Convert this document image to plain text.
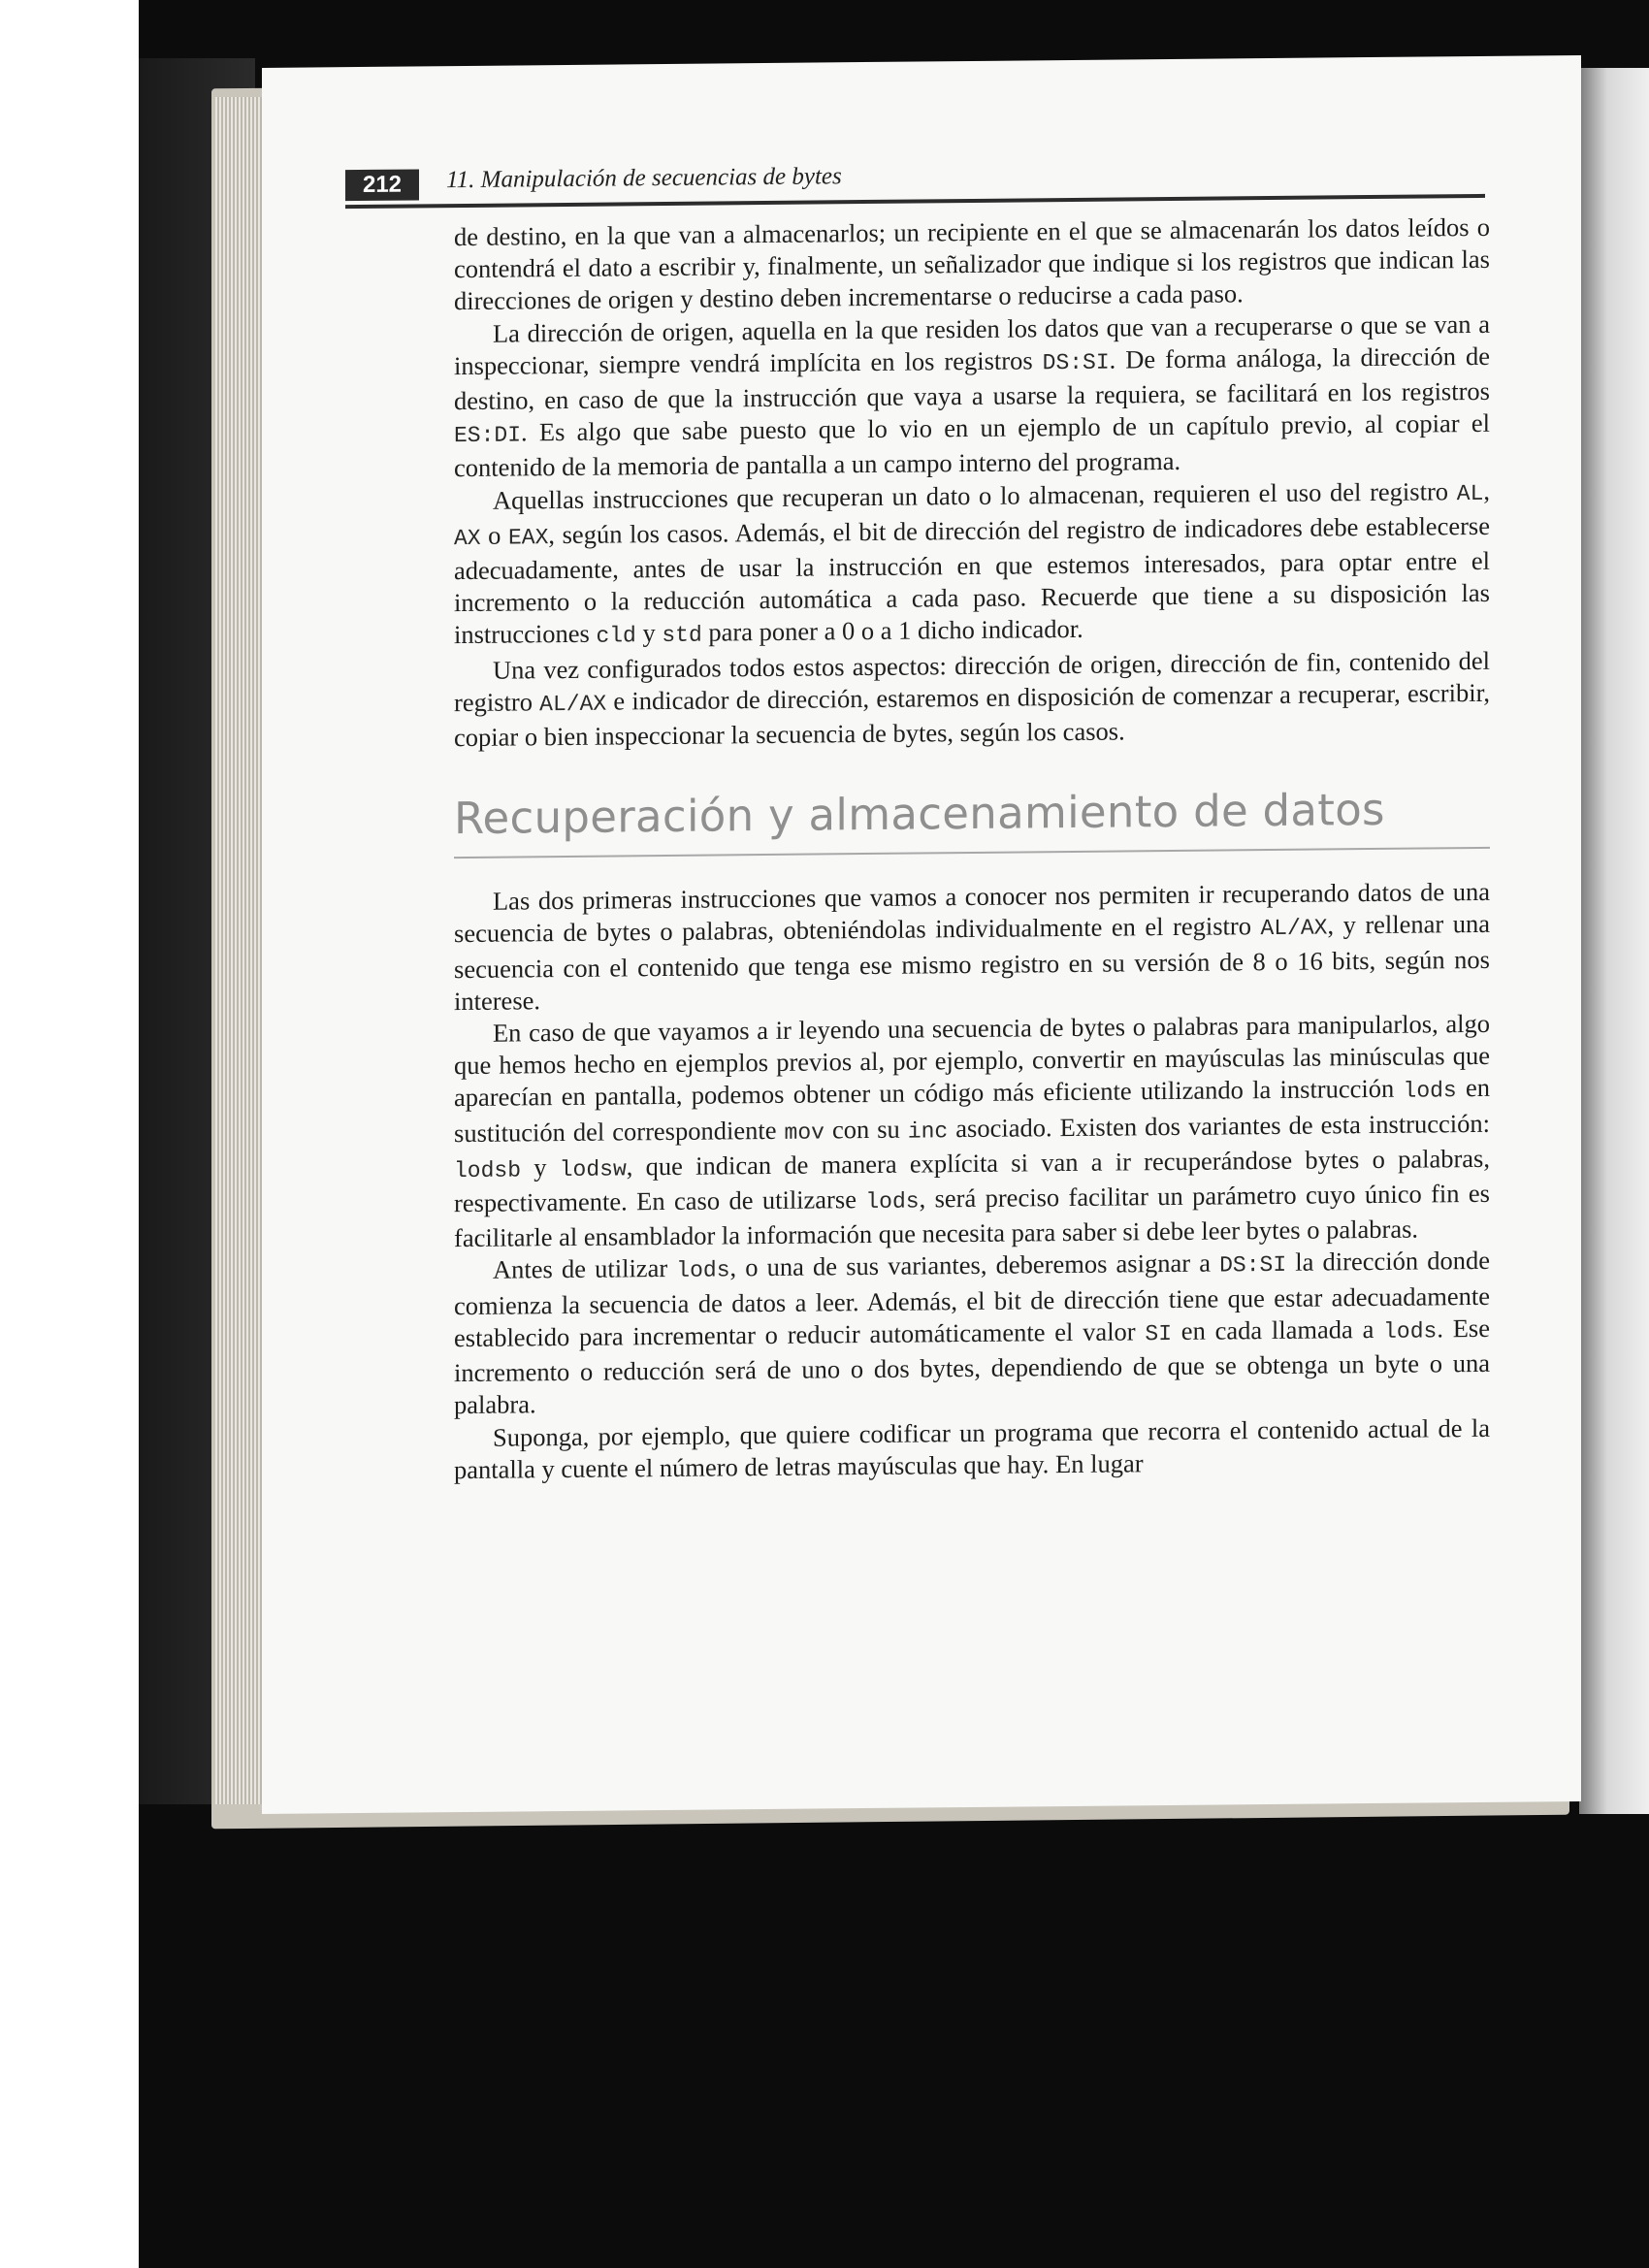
212	11. Manipulación de secuencias de bytes

de destino, en la que van a almacenarlos; un recipiente en el que se almacenarán los datos leídos o contendrá el dato a escribir y, finalmente, un señalizador que indique si los registros que indican las direcciones de origen y destino deben incrementarse o reducirse a cada paso.

La dirección de origen, aquella en la que residen los datos que van a recuperarse o que se van a inspeccionar, siempre vendrá implícita en los registros DS:SI. De forma análoga, la dirección de destino, en caso de que la instrucción que vaya a usarse la requiera, se facilitará en los registros ES:DI. Es algo que sabe puesto que lo vio en un ejemplo de un capítulo previo, al copiar el contenido de la memoria de pantalla a un campo interno del programa.

Aquellas instrucciones que recuperan un dato o lo almacenan, requieren el uso del registro AL, AX o EAX, según los casos. Además, el bit de dirección del registro de indicadores debe establecerse adecuadamente, antes de usar la instrucción en que estemos interesados, para optar entre el incremento o la reducción automática a cada paso. Recuerde que tiene a su disposición las instrucciones cld y std para poner a 0 o a 1 dicho indicador.

Una vez configurados todos estos aspectos: dirección de origen, dirección de fin, contenido del registro AL/AX e indicador de dirección, estaremos en disposición de comenzar a recuperar, escribir, copiar o bien inspeccionar la secuencia de bytes, según los casos.

Recuperación y almacenamiento de datos

Las dos primeras instrucciones que vamos a conocer nos permiten ir recuperando datos de una secuencia de bytes o palabras, obteniéndolas individualmente en el registro AL/AX, y rellenar una secuencia con el contenido que tenga ese mismo registro en su versión de 8 o 16 bits, según nos interese.

En caso de que vayamos a ir leyendo una secuencia de bytes o palabras para manipularlos, algo que hemos hecho en ejemplos previos al, por ejemplo, convertir en mayúsculas las minúsculas que aparecían en pantalla, podemos obtener un código más eficiente utilizando la instrucción lods en sustitución del correspondiente mov con su inc asociado. Existen dos variantes de esta instrucción: lodsb y lodsw, que indican de manera explícita si van a ir recuperándose bytes o palabras, respectivamente. En caso de utilizarse lods, será preciso facilitar un parámetro cuyo único fin es facilitarle al ensamblador la información que necesita para saber si debe leer bytes o palabras.

Antes de utilizar lods, o una de sus variantes, deberemos asignar a DS:SI la dirección donde comienza la secuencia de datos a leer. Además, el bit de dirección tiene que estar adecuadamente establecido para incrementar o reducir automáticamente el valor SI en cada llamada a lods. Ese incremento o reducción será de uno o dos bytes, dependiendo de que se obtenga un byte o una palabra.

Suponga, por ejemplo, que quiere codificar un programa que recorra el contenido actual de la pantalla y cuente el número de letras mayúsculas que hay. En lugar
